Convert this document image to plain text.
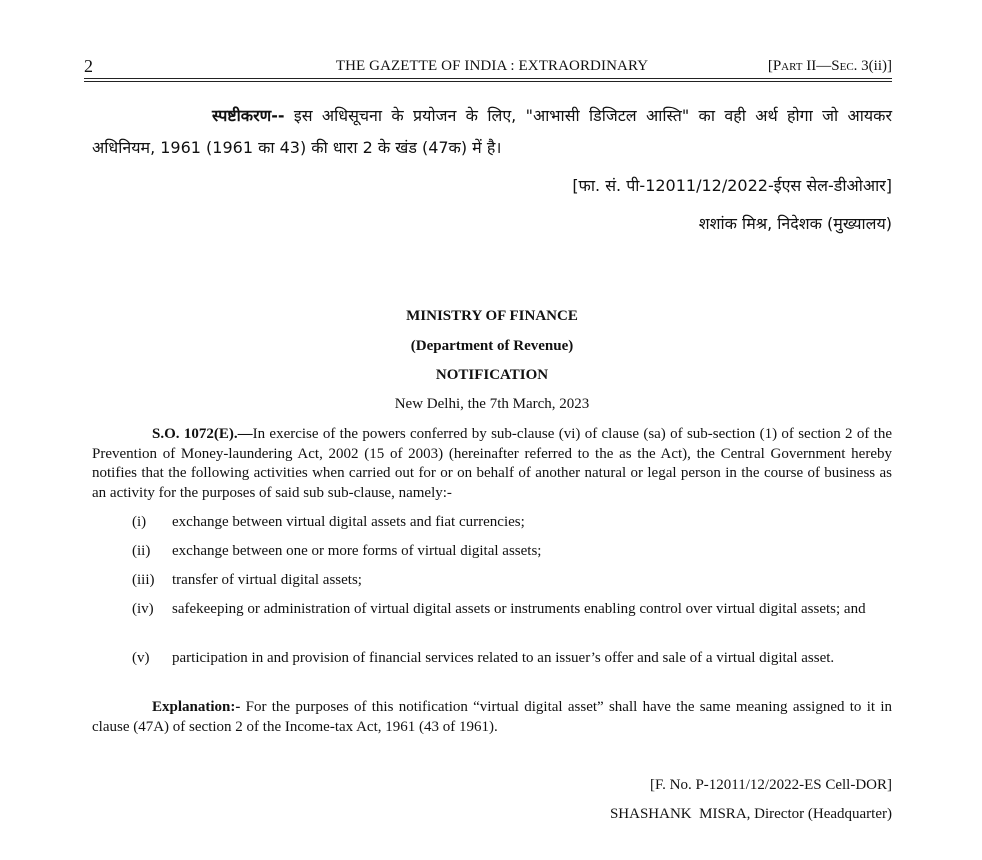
2	THE GAZETTE OF INDIA : EXTRAORDINARY	[Part II—Sec. 3(ii)]
स्पष्टीकरण-- इस अधिसूचना के प्रयोजन के लिए, "आभासी डिजिटल आस्ति" का वही अर्थ होगा जो आयकर अधिनियम, 1961 (1961 का 43) की धारा 2 के खंड (47क) में है।
[फा. सं. पी-12011/12/2022-ईएस सेल-डीओआर]
शशांक मिश्र, निदेशक (मुख्यालय)
MINISTRY OF FINANCE
(Department of Revenue)
NOTIFICATION
New Delhi, the 7th March, 2023
S.O. 1072(E).—In exercise of the powers conferred by sub-clause (vi) of clause (sa) of sub-section (1) of section 2 of the Prevention of Money-laundering Act, 2002 (15 of 2003) (hereinafter referred to the as the Act), the Central Government hereby notifies that the following activities when carried out for or on behalf of another natural or legal person in the course of business as an activity for the purposes of said sub sub-clause, namely:-
(i) exchange between virtual digital assets and fiat currencies;
(ii) exchange between one or more forms of virtual digital assets;
(iii) transfer of virtual digital assets;
(iv) safekeeping or administration of virtual digital assets or instruments enabling control over virtual digital assets; and
(v) participation in and provision of financial services related to an issuer’s offer and sale of a virtual digital asset.
Explanation:- For the purposes of this notification “virtual digital asset” shall have the same meaning assigned to it in clause (47A) of section 2 of the Income-tax Act, 1961 (43 of 1961).
[F. No. P-12011/12/2022-ES Cell-DOR]
SHASHANK  MISRA, Director (Headquarter)
